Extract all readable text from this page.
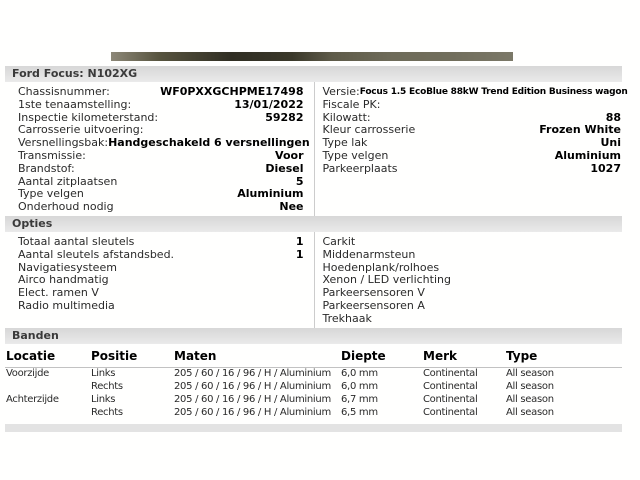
Ford Focus: N102XG
Chassisnummer:	WF0PXXGCHPME17498
1ste tenaamstelling:	13/01/2022
Inspectie kilometerstand:	59282
Carrosserie uitvoering:
Versnellingsbak: Handgeschakeld 6 versnellingen
Transmissie:	Voor
Brandstof:	Diesel
Aantal zitplaatsen	5
Type velgen	Aluminium
Onderhoud nodig	Nee
Versie: Focus 1.5 EcoBlue 88kW Trend Edition Business wagon
Fiscale PK:
Kilowatt:	88
Kleur carrosserie	Frozen White
Type lak	Uni
Type velgen	Aluminium
Parkeerplaats	1027
Opties
Totaal aantal sleutels	1
Aantal sleutels afstandsbed.	1
Navigatiesysteem
Airco handmatig
Elect. ramen V
Radio multimedia
Carkit
Middenarmsteun
Hoedenplank/rolhoes
Xenon / LED verlichting
Parkeersensoren V
Parkeersensoren A
Trekhaak
Banden
Locatie	Positie	Maten	Diepte	Merk	Type
Voorzijde	Links	205 / 60 / 16 / 96 / H / Aluminium	6,0 mm	Continental	All season
	Rechts	205 / 60 / 16 / 96 / H / Aluminium	6,0 mm	Continental	All season
Achterzijde	Links	205 / 60 / 16 / 96 / H / Aluminium	6,7 mm	Continental	All season
	Rechts	205 / 60 / 16 / 96 / H / Aluminium	6,5 mm	Continental	All season
